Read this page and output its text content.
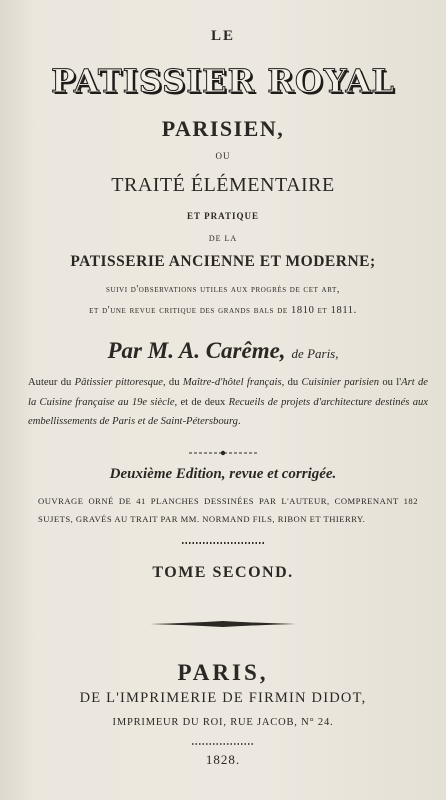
LE
PATISSIER ROYAL
PARISIEN,
OU
TRAITÉ ÉLÉMENTAIRE
ET PRATIQUE
DE LA
PATISSERIE ANCIENNE ET MODERNE;
suivi d'observations utiles aux progrès de cet art,
et d'une revue critique des grands bals de 1810 et 1811.
Par M. A. Carême, de Paris,
Auteur du Pâtissier pittoresque, du Maître-d'hôtel français, du Cuisinier parisien ou l'Art de la Cuisine française au 19e siècle, et de deux Recueils de projets d'architecture destinés aux embellissements de Paris et de Saint-Pétersbourg.
Deuxième Edition, revue et corrigée.
OUVRAGE ORNÉ DE 41 PLANCHES DESSINÉES PAR L'AUTEUR, COMPRENANT 182 SUJETS, GRAVÉS AU TRAIT PAR MM. NORMAND FILS, RIBON ET THIERRY.
TOME SECOND.
PARIS,
DE L'IMPRIMERIE DE FIRMIN DIDOT,
IMPRIMEUR DU ROI, RUE JACOB, N° 24.
1828.
